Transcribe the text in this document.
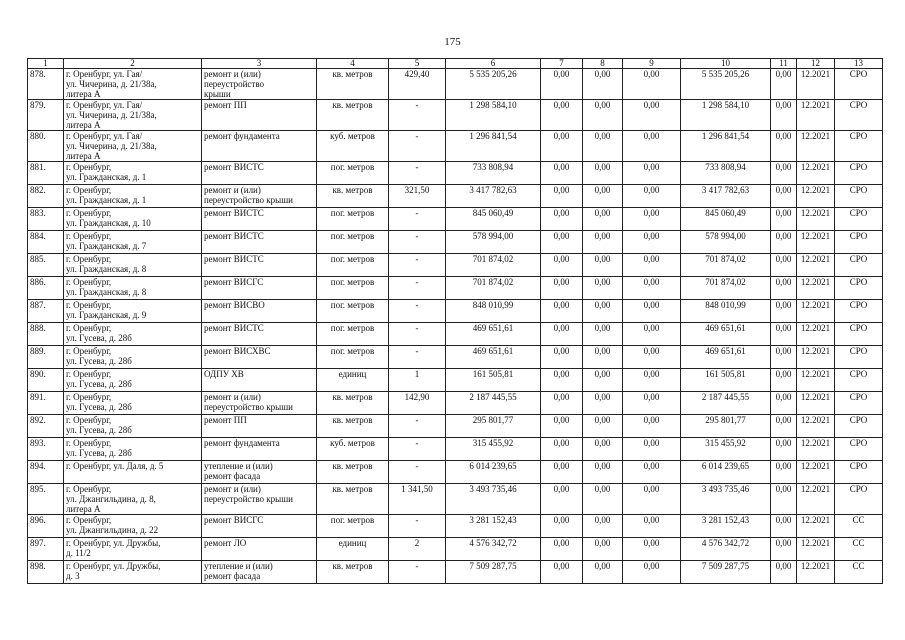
175
1	2	3	4	5	6	7	8	9	10	11	12	13
878.	г. Оренбург, ул. Гая/
ул. Чичерина, д. 21/38а,
литера А	ремонт и (или)
переустройство
крыши	кв. метров	429,40	5 535 205,26	0,00	0,00	0,00	5 535 205,26	0,00	12.2021	СРО
879.	г. Оренбург, ул. Гая/
ул. Чичерина, д. 21/38а,
литера А	ремонт ПП	кв. метров	-	1 298 584,10	0,00	0,00	0,00	1 298 584,10	0,00	12.2021	СРО
880.	г. Оренбург, ул. Гая/
ул. Чичерина, д. 21/38а,
литера А	ремонт фундамента	куб. метров	-	1 296 841,54	0,00	0,00	0,00	1 296 841,54	0,00	12.2021	СРО
881.	г. Оренбург,
ул. Гражданская, д. 1	ремонт ВИСТС	пог. метров	-	733 808,94	0,00	0,00	0,00	733 808,94	0,00	12.2021	СРО
882.	г. Оренбург,
ул. Гражданская, д. 1	ремонт и (или)
переустройство крыши	кв. метров	321,50	3 417 782,63	0,00	0,00	0,00	3 417 782,63	0,00	12.2021	СРО
883.	г. Оренбург,
ул. Гражданская, д. 10	ремонт ВИСТС	пог. метров	-	845 060,49	0,00	0,00	0,00	845 060,49	0,00	12.2021	СРО
884.	г. Оренбург,
ул. Гражданская, д. 7	ремонт ВИСТС	пог. метров	-	578 994,00	0,00	0,00	0,00	578 994,00	0,00	12.2021	СРО
885.	г. Оренбург,
ул. Гражданская, д. 8	ремонт ВИСТС	пог. метров	-	701 874,02	0,00	0,00	0,00	701 874,02	0,00	12.2021	СРО
886.	г. Оренбург,
ул. Гражданская, д. 8	ремонт ВИСГС	пог. метров	-	701 874,02	0,00	0,00	0,00	701 874,02	0,00	12.2021	СРО
887.	г. Оренбург,
ул. Гражданская, д. 9	ремонт ВИСВО	пог. метров	-	848 010,99	0,00	0,00	0,00	848 010,99	0,00	12.2021	СРО
888.	г. Оренбург,
ул. Гусева, д. 28б	ремонт ВИСТС	пог. метров	-	469 651,61	0,00	0,00	0,00	469 651,61	0,00	12.2021	СРО
889.	г. Оренбург,
ул. Гусева, д. 28б	ремонт ВИСХВС	пог. метров	-	469 651,61	0,00	0,00	0,00	469 651,61	0,00	12.2021	СРО
890.	г. Оренбург,
ул. Гусева, д. 28б	ОДПУ ХВ	единиц	1	161 505,81	0,00	0,00	0,00	161 505,81	0,00	12.2021	СРО
891.	г. Оренбург,
ул. Гусева, д. 28б	ремонт и (или)
переустройство крыши	кв. метров	142,90	2 187 445,55	0,00	0,00	0,00	2 187 445,55	0,00	12.2021	СРО
892.	г. Оренбург,
ул. Гусева, д. 28б	ремонт ПП	кв. метров	-	295 801,77	0,00	0,00	0,00	295 801,77	0,00	12.2021	СРО
893.	г. Оренбург,
ул. Гусева, д. 28б	ремонт фундамента	куб. метров	-	315 455,92	0,00	0,00	0,00	315 455,92	0,00	12.2021	СРО
894.	г. Оренбург, ул. Даля, д. 5	утепление и (или)
ремонт фасада	кв. метров	-	6 014 239,65	0,00	0,00	0,00	6 014 239,65	0,00	12.2021	СРО
895.	г. Оренбург,
ул. Джангильдина, д. 8,
литера А	ремонт и (или)
переустройство крыши	кв. метров	1 341,50	3 493 735,46	0,00	0,00	0,00	3 493 735,46	0,00	12.2021	СРО
896.	г. Оренбург,
ул. Джангильдина, д. 22	ремонт ВИСГС	пог. метров	-	3 281 152,43	0,00	0,00	0,00	3 281 152,43	0,00	12.2021	СС
897.	г. Оренбург, ул. Дружбы,
д. 11/2	ремонт ЛО	единиц	2	4 576 342,72	0,00	0,00	0,00	4 576 342,72	0,00	12.2021	СС
898.	г. Оренбург, ул. Дружбы,
д. 3	утепление и (или)
ремонт фасада	кв. метров	-	7 509 287,75	0,00	0,00	0,00	7 509 287,75	0,00	12.2021	СС
